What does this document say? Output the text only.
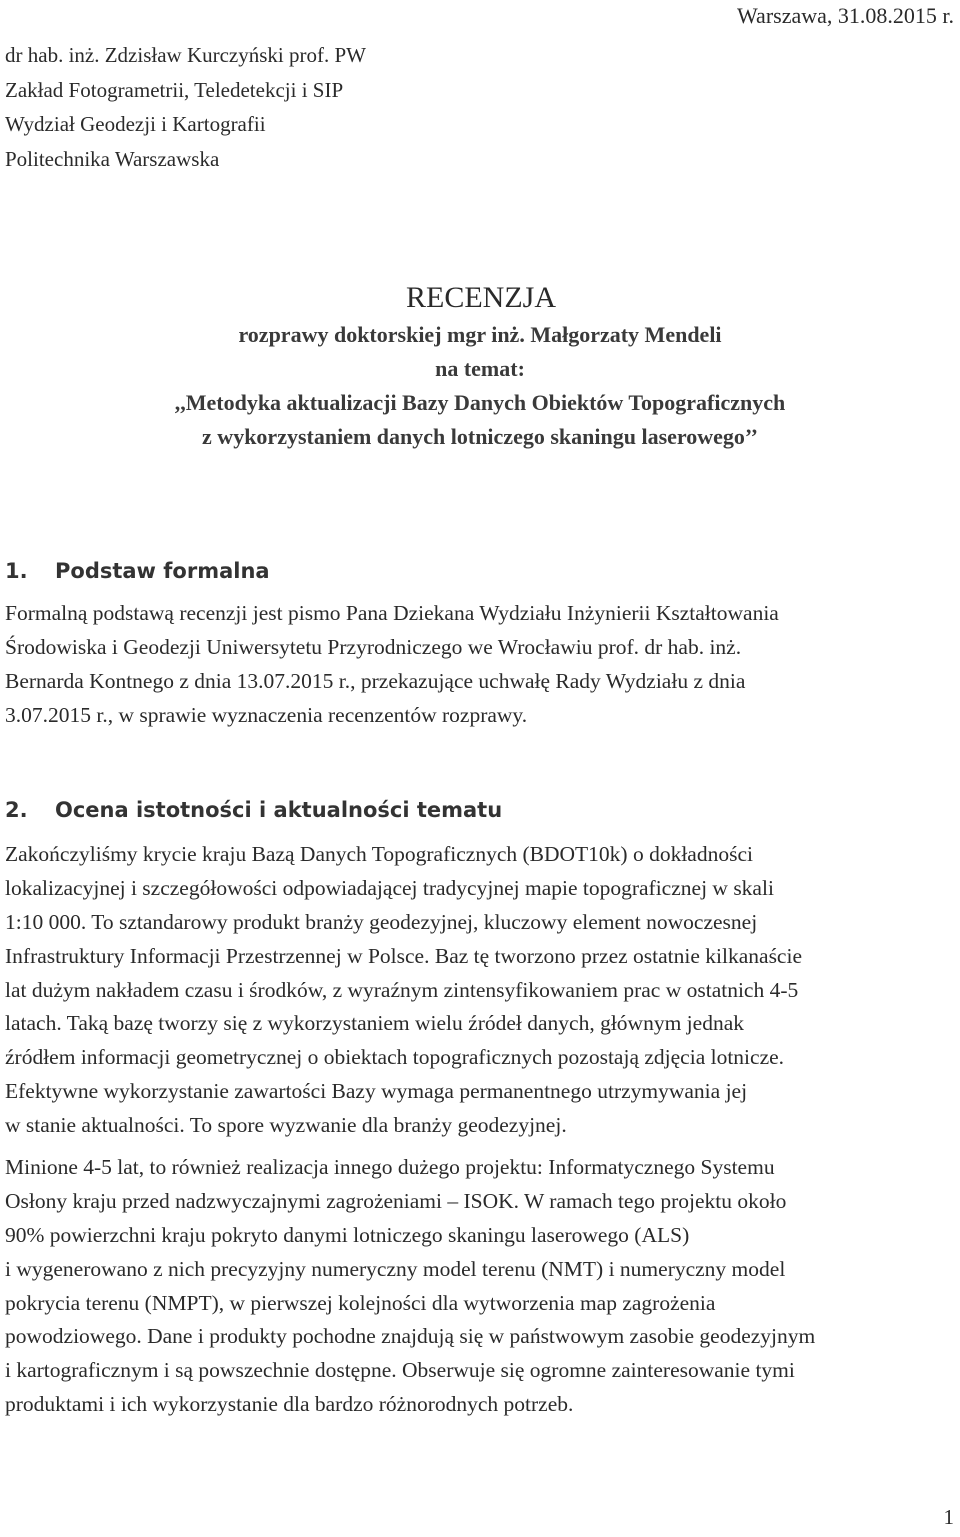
Warszawa, 31.08.2015 r.
dr hab. inż. Zdzisław Kurczyński prof. PW
Zakład Fotogrametrii, Teledetekcji i SIP
Wydział Geodezji i Kartografii
Politechnika Warszawska
RECENZJA
rozprawy doktorskiej mgr inż. Małgorzaty Mendeli
na temat:
,,Metodyka aktualizacji Bazy Danych Obiektów Topograficznych
z wykorzystaniem danych lotniczego skaningu laserowego’’
1. Podstaw formalna
Formalną podstawą recenzji jest pismo Pana Dziekana Wydziału Inżynierii Kształtowania
Środowiska i Geodezji Uniwersytetu Przyrodniczego we Wrocławiu prof. dr hab. inż.
Bernarda Kontnego z dnia 13.07.2015 r., przekazujące uchwałę Rady Wydziału z dnia
3.07.2015 r., w sprawie wyznaczenia recenzentów rozprawy.
2. Ocena istotności i aktualności tematu
Zakończyliśmy krycie kraju Bazą Danych Topograficznych (BDOT10k) o dokładności
lokalizacyjnej i szczegółowości odpowiadającej tradycyjnej mapie topograficznej w skali
1:10 000. To sztandarowy produkt branży geodezyjnej, kluczowy element nowoczesnej
Infrastruktury Informacji Przestrzennej w Polsce. Baz tę tworzono przez ostatnie kilkanaście
lat dużym nakładem czasu i środków, z wyraźnym zintensyfikowaniem prac w ostatnich 4-5
latach. Taką bazę tworzy się z wykorzystaniem wielu źródeł danych, głównym jednak
źródłem informacji geometrycznej o obiektach topograficznych pozostają zdjęcia lotnicze.
Efektywne wykorzystanie zawartości Bazy wymaga permanentnego utrzymywania jej
w stanie aktualności. To spore wyzwanie dla branży geodezyjnej.
Minione 4-5 lat, to również realizacja innego dużego projektu: Informatycznego Systemu
Osłony kraju przed nadzwyczajnymi zagrożeniami – ISOK. W ramach tego projektu około
90% powierzchni kraju pokryto danymi lotniczego skaningu laserowego (ALS)
i wygenerowano z nich precyzyjny numeryczny model terenu (NMT) i numeryczny model
pokrycia terenu (NMPT), w pierwszej kolejności dla wytworzenia map zagrożenia
powodziowego. Dane i produkty pochodne znajdują się w państwowym zasobie geodezyjnym
i kartograficznym i są powszechnie dostępne. Obserwuje się ogromne zainteresowanie tymi
produktami i ich wykorzystanie dla bardzo różnorodnych potrzeb.
1
